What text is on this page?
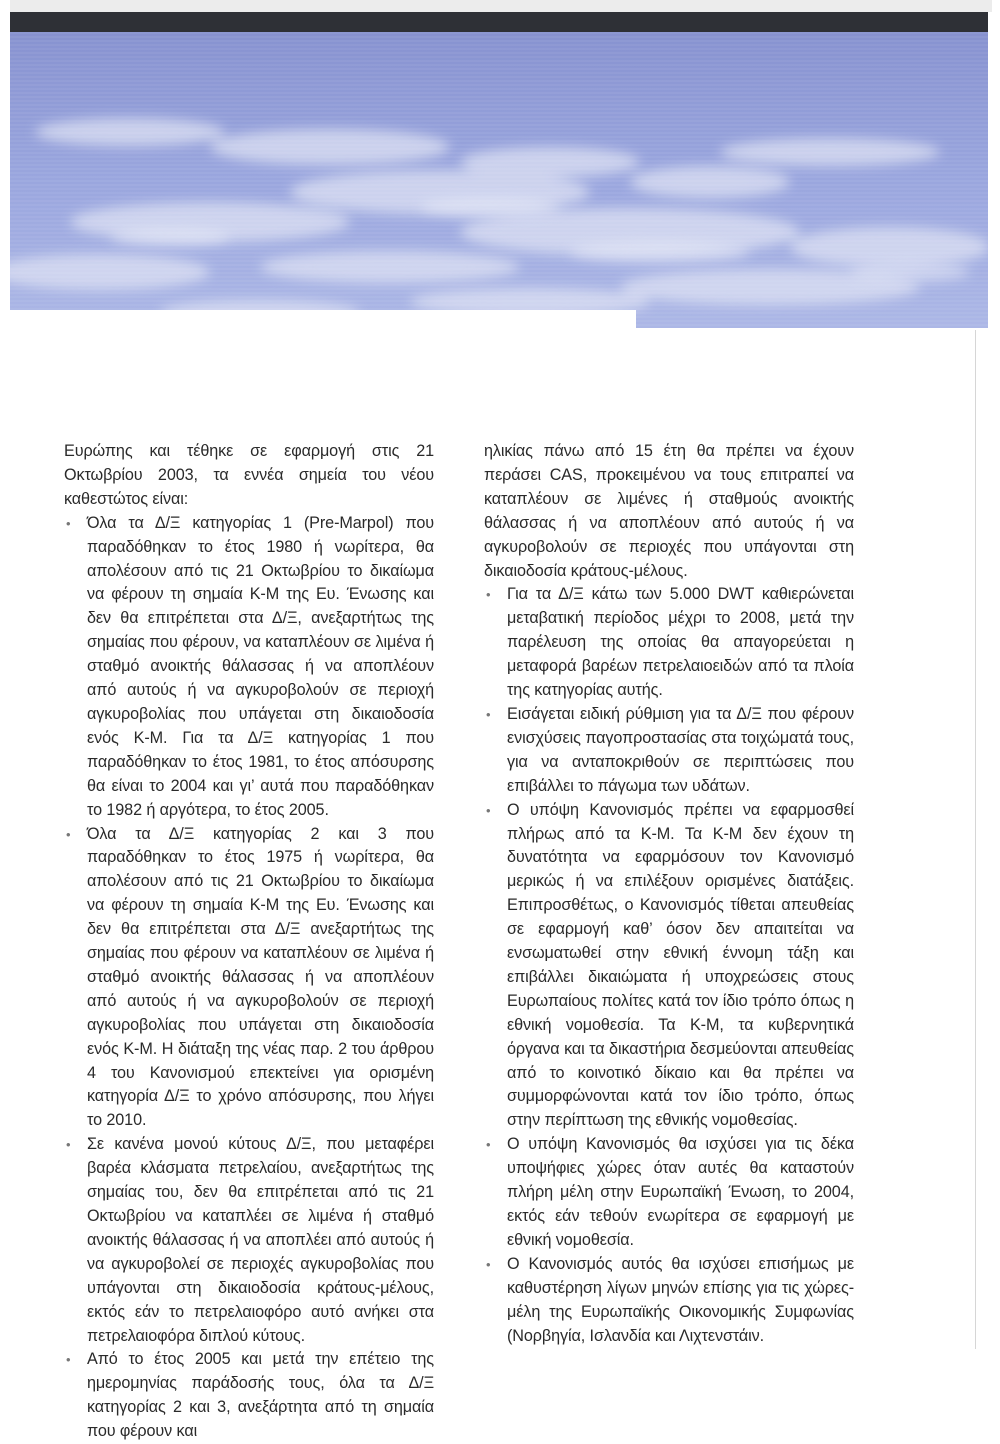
Ευρώπης και τέθηκε σε εφαρμογή στις 21 Οκτωβρίου 2003, τα εννέα σημεία του νέου καθεστώτος είναι:

• Όλα τα Δ/Ξ κατηγορίας 1 (Pre-Marpol) που παραδόθηκαν το έτος 1980 ή νωρίτερα, θα απολέσουν από τις 21 Οκτωβρίου το δικαίωμα να φέρουν τη σημαία Κ-Μ της Ευ. Ένωσης και δεν θα επιτρέπεται στα Δ/Ξ, ανεξαρτήτως της σημαίας που φέρουν, να καταπλέουν σε λιμένα ή σταθμό ανοικτής θάλασσας ή να αποπλέουν από αυτούς ή να αγκυροβολούν σε περιοχή αγκυροβολίας που υπάγεται στη δικαιοδοσία ενός Κ-Μ. Για τα Δ/Ξ κατηγορίας 1 που παραδόθηκαν το έτος 1981, το έτος απόσυρσης θα είναι το 2004 και γι’ αυτά που παραδόθηκαν το 1982 ή αργότερα, το έτος 2005.
• Όλα τα Δ/Ξ κατηγορίας 2 και 3 που παραδόθηκαν το έτος 1975 ή νωρίτερα, θα απολέσουν από τις 21 Οκτωβρίου το δικαίωμα να φέρουν τη σημαία Κ-Μ της Ευ. Ένωσης και δεν θα επιτρέπεται στα Δ/Ξ ανεξαρτήτως της σημαίας που φέρουν να καταπλέουν σε λιμένα ή σταθμό ανοικτής θάλασσας ή να αποπλέουν από αυτούς ή να αγκυροβολούν σε περιοχή αγκυροβολίας που υπάγεται στη δικαιοδοσία ενός Κ-Μ. Η διάταξη της νέας παρ. 2 του άρθρου 4 του Κανονισμού επεκτείνει για ορισμένη κατηγορία Δ/Ξ το χρόνο απόσυρσης, που λήγει το 2010.
• Σε κανένα μονού κύτους Δ/Ξ, που μεταφέρει βαρέα κλάσματα πετρελαίου, ανεξαρτήτως της σημαίας του, δεν θα επιτρέπεται από τις 21 Οκτωβρίου να καταπλέει σε λιμένα ή σταθμό ανοικτής θάλασσας ή να αποπλέει από αυτούς ή να αγκυροβολεί σε περιοχές αγκυροβολίας που υπάγονται στη δικαιοδοσία κράτους-μέλους, εκτός εάν το πετρελαιοφόρο αυτό ανήκει στα πετρελαιοφόρα διπλού κύτους.
• Από το έτος 2005 και μετά την επέτειο της ημερομηνίας παράδοσής τους, όλα τα Δ/Ξ κατηγορίας 2 και 3, ανεξάρτητα από τη σημαία που φέρουν και

ηλικίας πάνω από 15 έτη θα πρέπει να έχουν περάσει CAS, προκειμένου να τους επιτραπεί να καταπλέουν σε λιμένες ή σταθμούς ανοικτής θάλασσας ή να αποπλέουν από αυτούς ή να αγκυροβολούν σε περιοχές που υπάγονται στη δικαιοδοσία κράτους-μέλους.

• Για τα Δ/Ξ κάτω των 5.000 DWT καθιερώνεται μεταβατική περίοδος μέχρι το 2008, μετά την παρέλευση της οποίας θα απαγορεύεται η μεταφορά βαρέων πετρελαιοειδών από τα πλοία της κατηγορίας αυτής.
• Εισάγεται ειδική ρύθμιση για τα Δ/Ξ που φέρουν ενισχύσεις παγοπροστασίας στα τοιχώματά τους, για να ανταποκριθούν σε περιπτώσεις που επιβάλλει το πάγωμα των υδάτων.
• Ο υπόψη Κανονισμός πρέπει να εφαρμοσθεί πλήρως από τα Κ-Μ. Τα Κ-Μ δεν έχουν τη δυνατότητα να εφαρμόσουν τον Κανονισμό μερικώς ή να επιλέξουν ορισμένες διατάξεις. Επιπροσθέτως, ο Κανονισμός τίθεται απευθείας σε εφαρμογή καθ’ όσον δεν απαιτείται να ενσωματωθεί στην εθνική έννομη τάξη και επιβάλλει δικαιώματα ή υποχρεώσεις στους Ευρωπαίους πολίτες κατά τον ίδιο τρόπο όπως η εθνική νομοθεσία. Τα Κ-Μ, τα κυβερνητικά όργανα και τα δικαστήρια δεσμεύονται απευθείας από το κοινοτικό δίκαιο και θα πρέπει να συμμορφώνονται κατά τον ίδιο τρόπο, όπως στην περίπτωση της εθνικής νομοθεσίας.
• Ο υπόψη Κανονισμός θα ισχύσει για τις δέκα υποψήφιες χώρες όταν αυτές θα καταστούν πλήρη μέλη στην Ευρωπαϊκή Ένωση, το 2004, εκτός εάν τεθούν ενωρίτερα σε εφαρμογή με εθνική νομοθεσία.
• Ο Κανονισμός αυτός θα ισχύσει επισήμως με καθυστέρηση λίγων μηνών επίσης για τις χώρες-μέλη της Ευρωπαϊκής Οικονομικής Συμφωνίας (Νορβηγία, Ισλανδία και Λιχτενστάιν.
